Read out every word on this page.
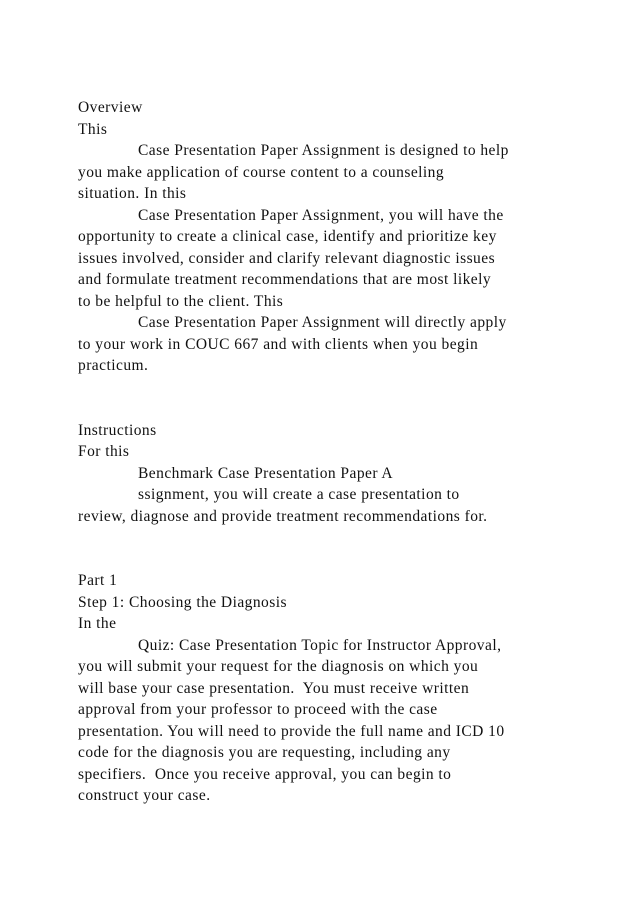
Overview
This
Case Presentation Paper Assignment is designed to help
you make application of course content to a counseling
situation. In this
Case Presentation Paper Assignment, you will have the
opportunity to create a clinical case, identify and prioritize key
issues involved, consider and clarify relevant diagnostic issues
and formulate treatment recommendations that are most likely
to be helpful to the client. This
Case Presentation Paper Assignment will directly apply
to your work in COUC 667 and with clients when you begin
practicum.
Instructions
For this
Benchmark Case Presentation Paper A
ssignment, you will create a case presentation to
review, diagnose and provide treatment recommendations for.
Part 1
Step 1: Choosing the Diagnosis
In the
Quiz: Case Presentation Topic for Instructor Approval,
you will submit your request for the diagnosis on which you
will base your case presentation.  You must receive written
approval from your professor to proceed with the case
presentation. You will need to provide the full name and ICD 10
code for the diagnosis you are requesting, including any
specifiers.  Once you receive approval, you can begin to
construct your case.
